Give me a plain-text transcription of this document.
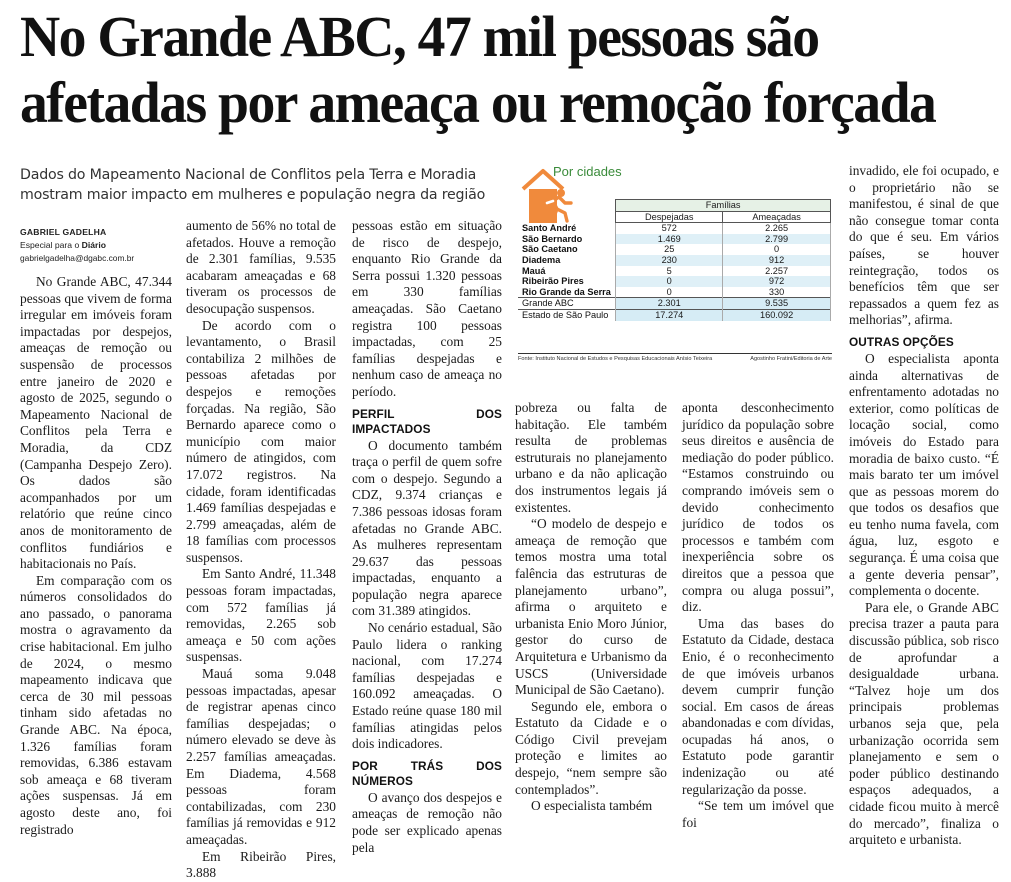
No Grande ABC, 47 mil pessoas são afetadas por ameaça ou remoção forçada

Dados do Mapeamento Nacional de Conflitos pela Terra e Moradia mostram maior impacto em mulheres e população negra da região

GABRIEL GADELHA
Especial para o Diário
gabrielgadelha@dgabc.com.br

No Grande ABC, 47.344 pessoas que vivem de forma irregular em imóveis foram impactadas por despejos, ameaças de remoção ou suspensão de processos entre janeiro de 2020 e agosto de 2025, segundo o Mapeamento Nacional de Conflitos pela Terra e Moradia, da CDZ (Campanha Despejo Zero). Os dados são acompanhados por um relatório que reúne cinco anos de monitoramento de conflitos fundiários e habitacionais no País.

Em comparação com os números consolidados do ano passado, o panorama mostra o agravamento da crise habitacional. Em julho de 2024, o mesmo mapeamento indicava que cerca de 30 mil pessoas tinham sido afetadas no Grande ABC. Na época, 1.326 famílias foram removidas, 6.386 estavam sob ameaça e 68 tiveram ações suspensas. Já em agosto deste ano, foi registrado

aumento de 56% no total de afetados. Houve a remoção de 2.301 famílias, 9.535 acabaram ameaçadas e 68 tiveram os processos de desocupação suspensos.

De acordo com o levantamento, o Brasil contabiliza 2 milhões de pessoas afetadas por despejos e remoções forçadas. Na região, São Bernardo aparece como o município com maior número de atingidos, com 17.072 registros. Na cidade, foram identificadas 1.469 famílias despejadas e 2.799 ameaçadas, além de 18 famílias com processos suspensos.

Em Santo André, 11.348 pessoas foram impactadas, com 572 famílias já removidas, 2.265 sob ameaça e 50 com ações suspensas.

Mauá soma 9.048 pessoas impactadas, apesar de registrar apenas cinco famílias despejadas; o número elevado se deve às 2.257 famílias ameaçadas. Em Diadema, 4.568 pessoas foram contabilizadas, com 230 famílias já removidas e 912 ameaçadas.

Em Ribeirão Pires, 3.888

pessoas estão em situação de risco de despejo, enquanto Rio Grande da Serra possui 1.320 pessoas em 330 famílias ameaçadas. São Caetano registra 100 pessoas impactadas, com 25 famílias despejadas e nenhum caso de ameaça no período.

PERFIL DOS IMPACTADOS

O documento também traça o perfil de quem sofre com o despejo. Segundo a CDZ, 9.374 crianças e 7.386 pessoas idosas foram afetadas no Grande ABC. As mulheres representam 29.637 das pessoas impactadas, enquanto a população negra aparece com 31.389 atingidos.

No cenário estadual, São Paulo lidera o ranking nacional, com 17.274 famílias despejadas e 160.092 ameaçadas. O Estado reúne quase 180 mil famílias atingidas pelos dois indicadores.

POR TRÁS DOS NÚMEROS

O avanço dos despejos e ameaças de remoção não pode ser explicado apenas pela

Por cidades
	Famílias	
	Despejadas	Ameaçadas
Santo André	572	2.265
São Bernardo	1.469	2.799
São Caetano	25	0
Diadema	230	912
Mauá	5	2.257
Ribeirão Pires	0	972
Rio Grande da Serra	0	330
Grande ABC	2.301	9.535
Estado de São Paulo	17.274	160.092
Fonte: Instituto Nacional de Estudos e Pesquisas Educacionais Anísio Teixeira	Agostinho Fratini/Editoria de Arte

pobreza ou falta de habitação. Ele também resulta de problemas estruturais no planejamento urbano e da não aplicação dos instrumentos legais já existentes.

“O modelo de despejo e ameaça de remoção que temos mostra uma total falência das estruturas de planejamento urbano”, afirma o arquiteto e urbanista Enio Moro Júnior, gestor do curso de Arquitetura e Urbanismo da USCS (Universidade Municipal de São Caetano).

Segundo ele, embora o Estatuto da Cidade e o Código Civil prevejam proteção e limites ao despejo, “nem sempre são contemplados”.

O especialista também

aponta desconhecimento jurídico da população sobre seus direitos e ausência de mediação do poder público. “Estamos construindo ou comprando imóveis sem o devido conhecimento jurídico de todos os processos e também com inexperiência sobre os direitos que a pessoa que compra ou aluga possui”, diz.

Uma das bases do Estatuto da Cidade, destaca Enio, é o reconhecimento de que imóveis urbanos devem cumprir função social. Em casos de áreas abandonadas e com dívidas, ocupadas há anos, o Estatuto pode garantir indenização ou até regularização da posse.

“Se tem um imóvel que foi

invadido, ele foi ocupado, e o proprietário não se manifestou, é sinal de que não consegue tomar conta do que é seu. Em vários países, se houver reintegração, todos os benefícios têm que ser repassados a quem fez as melhorias”, afirma.

OUTRAS OPÇÕES

O especialista aponta ainda alternativas de enfrentamento adotadas no exterior, como políticas de locação social, como imóveis do Estado para moradia de baixo custo. “É mais barato ter um imóvel que as pessoas morem do que todos os desafios que eu tenho numa favela, com água, luz, esgoto e segurança. É uma coisa que a gente deveria pensar”, complementa o docente.

Para ele, o Grande ABC precisa trazer a pauta para discussão pública, sob risco de aprofundar a desigualdade urbana. “Talvez hoje um dos principais problemas urbanos seja que, pela urbanização ocorrida sem planejamento e sem o poder público destinando espaços adequados, a cidade ficou muito à mercê do mercado”, finaliza o arquiteto e urbanista.
